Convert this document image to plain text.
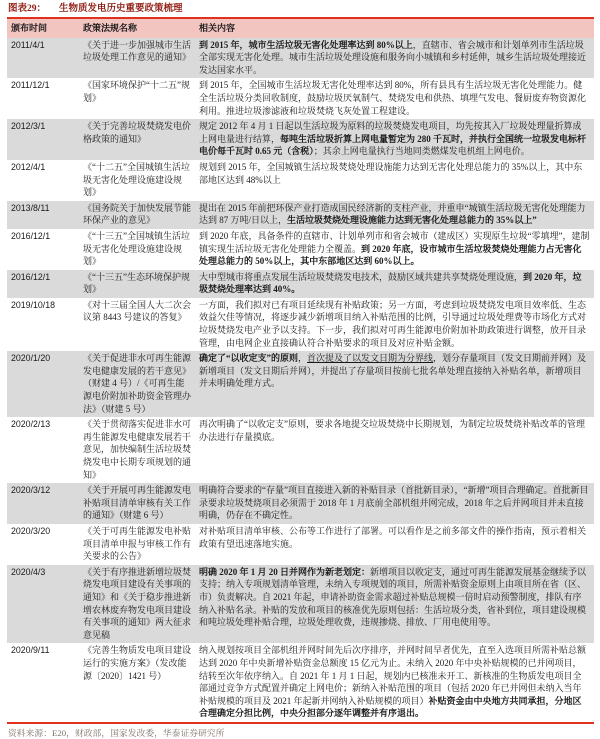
图表29： 生物质发电历史重要政策梳理
颁布时间	政策法规名称	相关内容
2011/4/1	《关于进一步加强城市生活垃圾处理工作意见的通知》	到 2015 年，城市生活垃圾无害化处理率达到 80%以上，直辖市、省会城市和计划单列市生活垃圾全部实现无害化处理。城市生活垃圾处理设施和服务向小城镇和乡村延伸，城乡生活垃圾处理接近发达国家水平。
2011/12/1	《国家环境保护“十二五”规划》	到 2015 年，全国城市生活垃圾无害化处理率达到 80%，所有县具有生活垃圾无害化处理能力。健全生活垃圾分类回收制度，鼓励垃圾厌氧制气、焚烧发电和供热、填埋气发电、餐厨废弃物资源化利用。推进垃圾渗滤液和垃圾焚烧飞灰处置工程建设。
2012/3/1	《关于完善垃圾焚烧发电价格政策的通知》	规定 2012 年 4 月 1 日起以生活垃圾为原料的垃圾焚烧发电项目，均先按其入厂垃圾处理量折算成上网电量进行结算，每吨生活垃圾折算上网电量暂定为 280 千瓦时，并执行全国统一垃圾发电标杆电价每千瓦时 0.65 元（含税）；其余上网电量执行当地同类燃煤发电机组上网电价。
2012/4/1	《“十二五”全国城镇生活垃圾无害化处理设施建设规划》	规划到 2015 年，全国城镇生活垃圾焚烧处理设施能力达到无害化处理总能力的 35%以上，其中东部地区达到 48%以上
2013/8/11	《国务院关于加快发展节能环保产业的意见》	提出在 2015 年前把环保产业打造成国民经济新的支柱产业，并重申“城镇生活垃圾无害化处理能力达到 87 万吨/日以上，生活垃圾焚烧处理设施能力达到无害化处理总能力的 35%以上”
2016/12/1	《“十三五”全国城镇生活垃圾无害化处理设施建设规划》	到 2020 年底，具备条件的直辖市、计划单列市和省会城市（建成区）实现原生垃圾“零填埋”，建制镇实现生活垃圾无害化处理能力全覆盖。到 2020 年底，设市城市生活垃圾焚烧处理能力占无害化处理总能力的 50%以上，其中东部地区达到 60%以上。
2016/12/1	《“十三五”生态环境保护规划》	大中型城市将重点发展生活垃圾焚烧发电技术，鼓励区域共建共享焚烧处理设施，到 2020 年，垃圾焚烧处理率达到 40%。
2019/10/18	《对十三届全国人大二次会议第 8443 号建议的答复》	一方面，我们拟对已有项目延续现有补贴政策；另一方面，考虑到垃圾焚烧发电项目效率低、生态效益欠佳等情况，将逐步减少新增项目纳入补贴范围的比例，引导通过垃圾处理费等市场化方式对垃圾焚烧发电产业予以支持。下一步，我们拟对可再生能源电价附加补助政策进行调整，放开目录管理，由电网企业直接确认符合补贴要求的项目及对应补贴金额。
2020/1/20	《关于促进非水可再生能源发电健康发展的若干意见》（财建 4 号）/《可再生能源电价附加补助资金管理办法》（财建 5 号）	确定了“以收定支”的原则，首次提及了以发文日期为分界线，划分存量项目（发文日期前并网）及新增项目（发文日期后并网），并提出了存量项目按前七批名单处理直接纳入补贴名单，新增项目并未明确处理方式。
2020/2/13	《关于贯彻落实促进非水可再生能源发电健康发展若干意见，加快编制生活垃圾焚烧发电中长期专项规划的通知》	再次明确了“以收定支”原则，要求各地提交垃圾焚烧中长期规划，为制定垃圾焚烧补贴改革的管理办法进行存量摸底。
2020/3/12	《关于开展可再生能源发电补贴项目清单审核有关工作的通知》（财建 6 号）	明确符合要求的“存量”项目直接进入新的补贴目录（首批新目录），“新增”项目合理确定。首批新目录要求垃圾焚烧项目必须需于 2018 年 1 月底前全部机组并网完成，2018 年之后并网项目并未直接明确，仍存在不确定性。
2020/3/20	《关于可再生能源发电补贴项目清单申报与审核工作有关要求的公告》	对补贴项目清单审核、公布等工作进行了部署。可以看作是之前多部文件的操作指南，预示着相关政策有望迅速落地实施。
2020/4/3	《关于有序推进新增垃圾焚烧发电项目建设有关事项的通知》和《关于稳步推进新增农林废弃物发电项目建设有关事项的通知》两大征求意见稿	明确 2020 年 1 月 20 日并网作为新老划定：新增项目以收定支，通过可再生能源发展基金继续予以支持；纳入专项规划清单管理，未纳入专项规划的项目，所需补贴资金原则上由项目所在省（区、市）负责解决。自 2021 年起，申请补助资金需求超过补贴总规模一倍时启动预警制度，排队有序纳入补贴名录。补贴的发放和项目的核准优先原则包括：生活垃圾分类，省补到位，项目建设规模和吨垃圾处理补贴合理，垃圾处理收费，违规掺烧、排放、厂用电使用等。
2020/9/11	《完善生物质发电项目建设运行的实施方案》（发改能源〔2020〕1421 号）	纳入规划按项目全部机组并网时间先后次序排序，并网时间早者优先，直至入选项目所需补贴总额达到 2020 年中央新增补贴资金总额度 15 亿元为止。未纳入 2020 年中央补贴规模的已并网项目，结转至次年依序纳入。自 2021 年 1 月 1 日起，规划内已核准未开工、新核准的生物质发电项目全部通过竞争方式配置并确定上网电价；新纳入补贴范围的项目（包括 2020 年已并网但未纳入当年补贴规模的项目及 2021 年起新并网纳入补贴规模的项目）补贴资金由中央地方共同承担，分地区合理确定分担比例，中央分担部分逐年调整并有序退出。
资料来源：E20，财政部，国家发改委，华泰证券研究所
